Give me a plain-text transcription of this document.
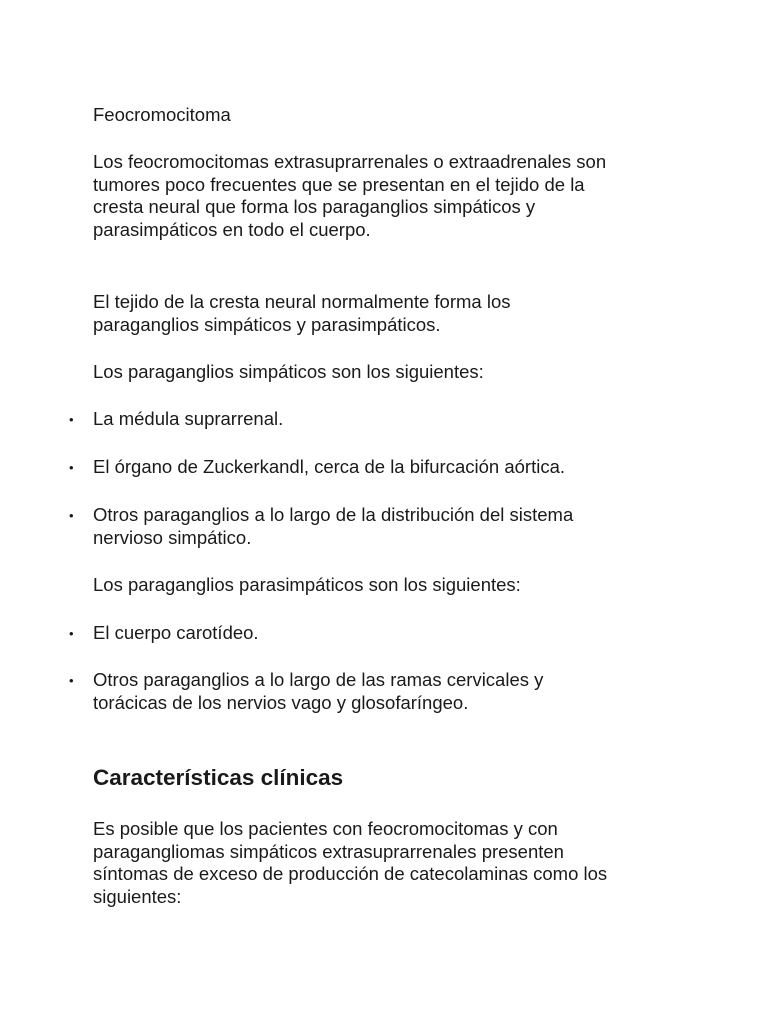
Feocromocitoma

Los feocromocitomas extrasuprarrenales o extraadrenales son
tumores poco frecuentes que se presentan en el tejido de la
cresta neural que forma los paraganglios simpáticos y
parasimpáticos en todo el cuerpo.

El tejido de la cresta neural normalmente forma los
paraganglios simpáticos y parasimpáticos.

Los paraganglios simpáticos son los siguientes:

• La médula suprarrenal.

• El órgano de Zuckerkandl, cerca de la bifurcación aórtica.

• Otros paraganglios a lo largo de la distribución del sistema
nervioso simpático.

Los paraganglios parasimpáticos son los siguientes:

• El cuerpo carotídeo.

• Otros paraganglios a lo largo de las ramas cervicales y
torácicas de los nervios vago y glosofaríngeo.

Características clínicas

Es posible que los pacientes con feocromocitomas y con
paragangliomas simpáticos extrasuprarrenales presenten
síntomas de exceso de producción de catecolaminas como los
siguientes:
